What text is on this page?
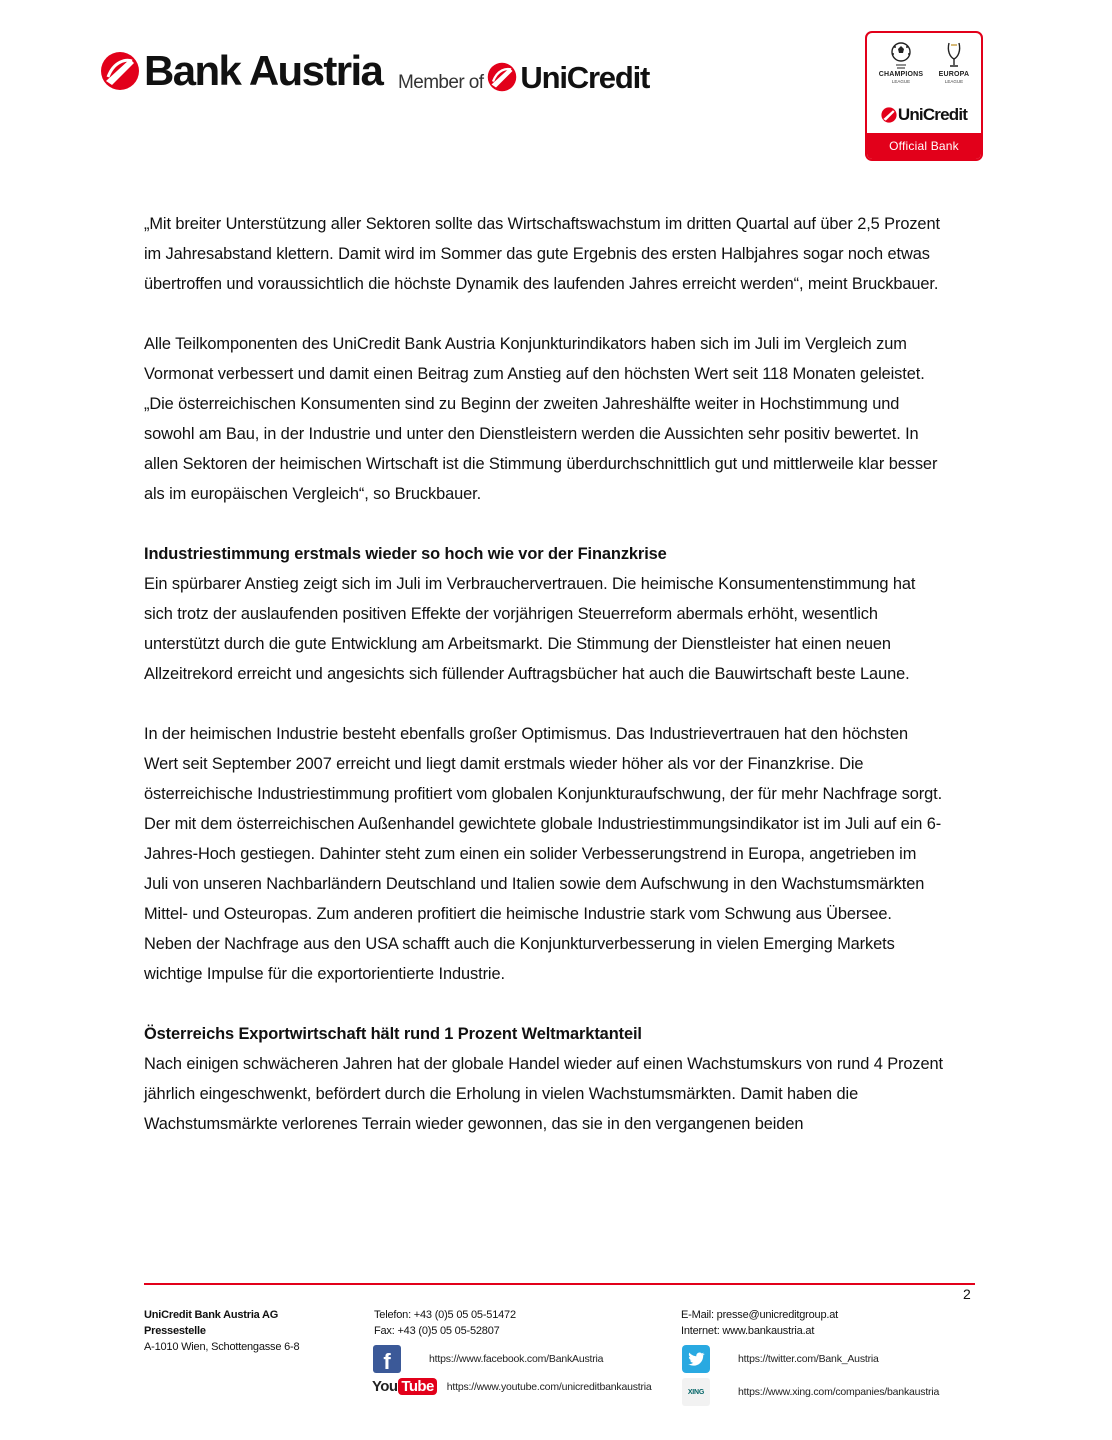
Bank Austria Member of UniCredit	CHAMPIONS
LEAGUE
EUROPA
LEAGUE
UniCredit
Official Bank

„Mit breiter Unterstützung aller Sektoren sollte das Wirtschaftswachstum im dritten Quartal auf über 2,5 Prozent im Jahresabstand klettern. Damit wird im Sommer das gute Ergebnis des ersten Halbjahres sogar noch etwas übertroffen und voraussichtlich die höchste Dynamik des laufenden Jahres erreicht werden“, meint Bruckbauer.

Alle Teilkomponenten des UniCredit Bank Austria Konjunkturindikators haben sich im Juli im Vergleich zum Vormonat verbessert und damit einen Beitrag zum Anstieg auf den höchsten Wert seit 118 Monaten geleistet. „Die österreichischen Konsumenten sind zu Beginn der zweiten Jahreshälfte weiter in Hochstimmung und sowohl am Bau, in der Industrie und unter den Dienstleistern werden die Aussichten sehr positiv bewertet. In allen Sektoren der heimischen Wirtschaft ist die Stimmung überdurchschnittlich gut und mittlerweile klar besser als im europäischen Vergleich“, so Bruckbauer.

Industriestimmung erstmals wieder so hoch wie vor der Finanzkrise

Ein spürbarer Anstieg zeigt sich im Juli im Verbrauchervertrauen. Die heimische Konsumentenstimmung hat sich trotz der auslaufenden positiven Effekte der vorjährigen Steuerreform abermals erhöht, wesentlich unterstützt durch die gute Entwicklung am Arbeitsmarkt. Die Stimmung der Dienstleister hat einen neuen Allzeitrekord erreicht und angesichts sich füllender Auftragsbücher hat auch die Bauwirtschaft beste Laune.

In der heimischen Industrie besteht ebenfalls großer Optimismus. Das Industrievertrauen hat den höchsten Wert seit September 2007 erreicht und liegt damit erstmals wieder höher als vor der Finanzkrise. Die österreichische Industriestimmung profitiert vom globalen Konjunkturaufschwung, der für mehr Nachfrage sorgt. Der mit dem österreichischen Außenhandel gewichtete globale Industriestimmungsindikator ist im Juli auf ein 6-Jahres-Hoch gestiegen. Dahinter steht zum einen ein solider Verbesserungstrend in Europa, angetrieben im Juli von unseren Nachbarländern Deutschland und Italien sowie dem Aufschwung in den Wachstumsmärkten Mittel- und Osteuropas. Zum anderen profitiert die heimische Industrie stark vom Schwung aus Übersee. Neben der Nachfrage aus den USA schafft auch die Konjunkturverbesserung in vielen Emerging Markets wichtige Impulse für die exportorientierte Industrie.

Österreichs Exportwirtschaft hält rund 1 Prozent Weltmarktanteil

Nach einigen schwächeren Jahren hat der globale Handel wieder auf einen Wachstumskurs von rund 4 Prozent jährlich eingeschwenkt, befördert durch die Erholung in vielen Wachstumsmärkten. Damit haben die Wachstumsmärkte verlorenes Terrain wieder gewonnen, das sie in den vergangenen beiden

2
UniCredit Bank Austria AG
Pressestelle
A-1010 Wien, Schottengasse 6-8
Telefon: +43 (0)5 05 05-51472
Fax: +43 (0)5 05 05-52807
E-Mail: presse@unicreditgroup.at
Internet: www.bankaustria.at
f	https://www.facebook.com/BankAustria	https://twitter.com/Bank_Austria
You Tube https://www.youtube.com/unicreditbankaustria	XING	https://www.xing.com/companies/bankaustria
